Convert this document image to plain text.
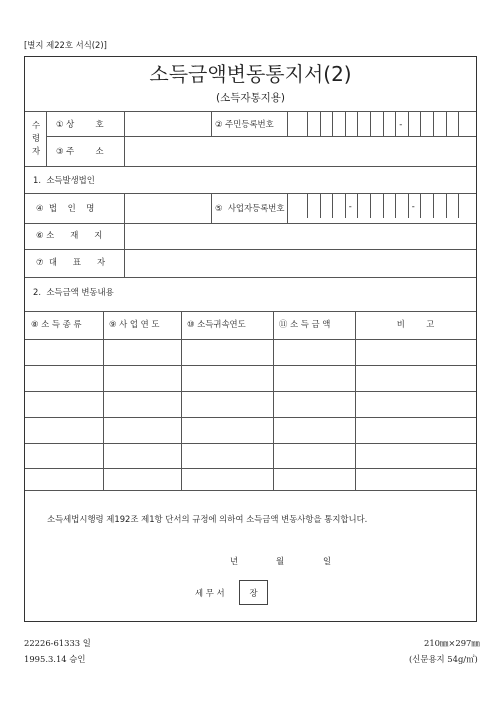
[별지 제22호 서식(2)]
소득금액변동통지서(2)
(소득자통지용)
수
령
자
① 상        호	② 주민등록번호
③ 주        소
-
1.  소득발생법인
④  법    인    명	⑤  사업자등록번호	-	-
⑥ 소      재      지
⑦  대      표      자
2.  소득금액 변동내용
⑧ 소 득 종 류	⑨ 사 업 연 도	⑩ 소득귀속연도	⑪ 소 득 금 액	비        고
소득세법시행령 제192조 제1항 단서의 규정에 의하여 소득금액 변동사항을 통지합니다.
년	월	일
세 무 서	장
22226-61333 일
1995.3.14 승인
210㎜×297㎜
(신문용지 54g/㎡)
